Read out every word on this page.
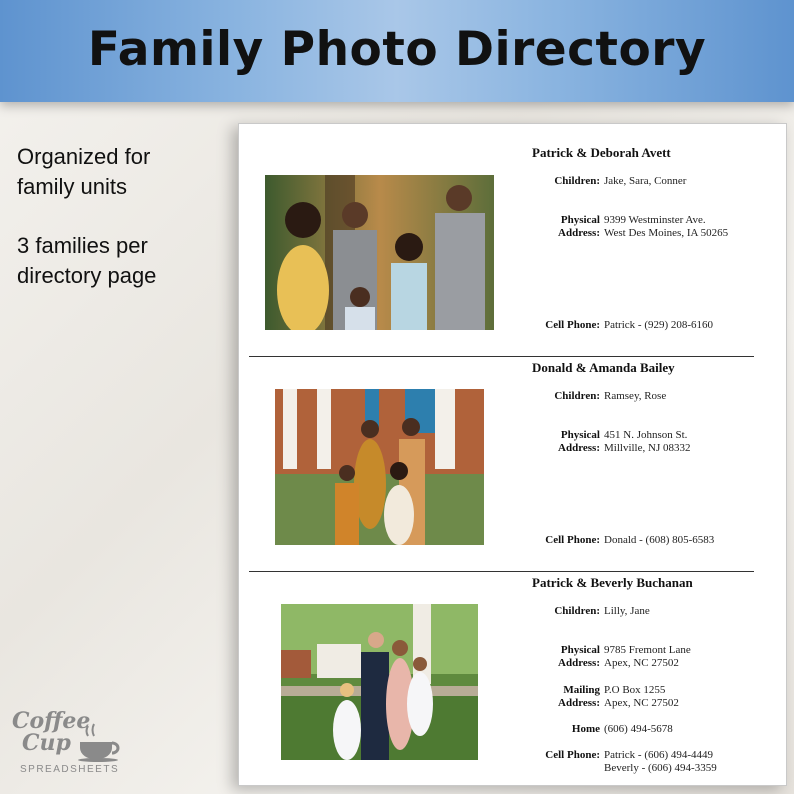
Family Photo Directory
Organized for
family units
3 families per
directory page
Coffee
Cup
SPREADSHEETS
Patrick & Deborah Avett
Children: Jake, Sara, Conner
Physical
Address:
9399 Westminster Ave.
West Des Moines, IA 50265
Cell Phone: Patrick - (929) 208-6160
Donald & Amanda Bailey
Children: Ramsey, Rose
Physical
Address:
451 N. Johnson St.
Millville, NJ 08332
Cell Phone: Donald - (608) 805-6583
Patrick & Beverly Buchanan
Children: Lilly, Jane
Physical
Address:
9785 Fremont Lane
Apex, NC 27502
Mailing
Address:
P.O Box 1255
Apex, NC 27502
Home (606) 494-5678
Cell Phone: Patrick - (606) 494-4449
Beverly - (606) 494-3359
